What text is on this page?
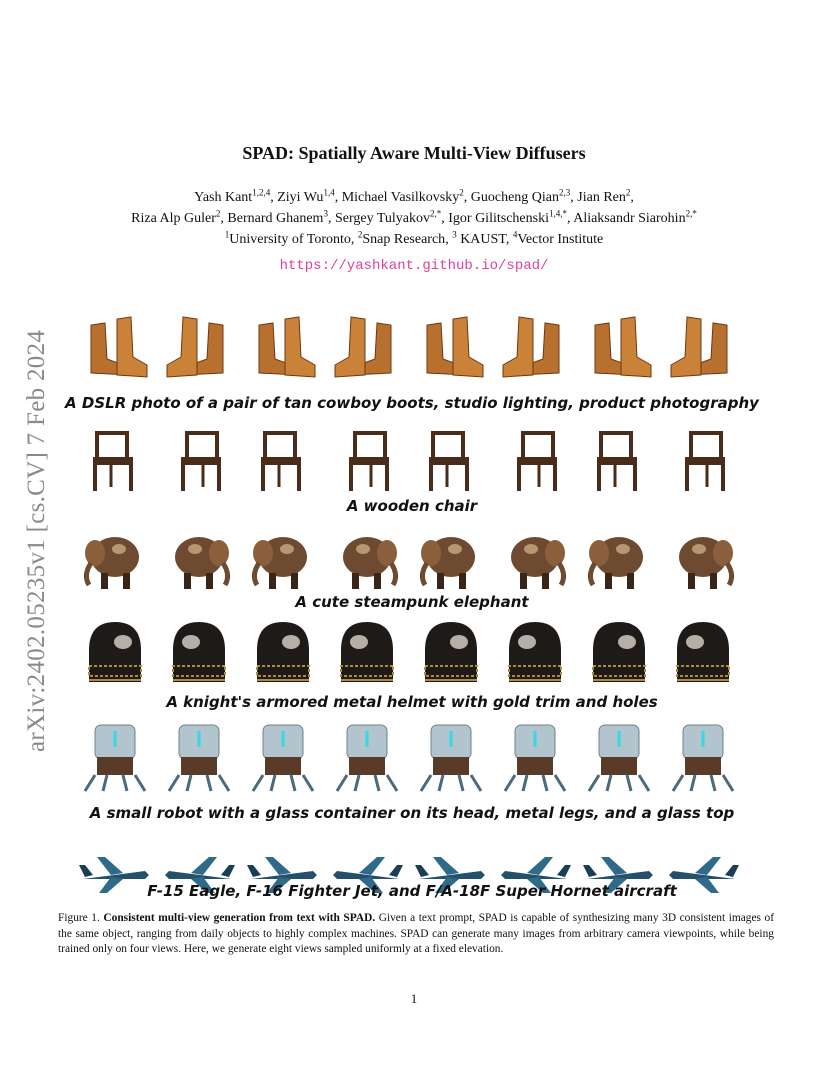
arXiv:2402.05235v1 [cs.CV] 7 Feb 2024
SPAD: Spatially Aware Multi-View Diffusers
Yash Kant$^{1,2,4}$, Ziyi Wu$^{1,4}$, Michael Vasilkovsky$^2$, Guocheng Qian$^{2,3}$, Jian Ren$^2$,
Riza Alp Guler$^2$, Bernard Ghanem$^3$, Sergey Tulyakov$^{2,*}$, Igor Gilitschenski$^{1,4,*}$, Aliaksandr Siarohin$^{2,*}$
$^1$University of Toronto, $^2$Snap Research, $^3$ KAUST, $^4$Vector Institute
https://yashkant.github.io/spad/
A DSLR photo of a pair of tan cowboy boots, studio lighting, product photography
A wooden chair
A cute steampunk elephant
A knight's armored metal helmet with gold trim and holes
A small robot with a glass container on its head, metal legs, and a glass top
F-15 Eagle, F-16 Fighter Jet, and F/A-18F Super Hornet aircraft
Figure 1. Consistent multi-view generation from text with SPAD. Given a text prompt, SPAD is capable of synthesizing many 3D consistent images of the same object, ranging from daily objects to highly complex machines. SPAD can generate many images from arbitrary camera viewpoints, while being trained only on four views. Here, we generate eight views sampled uniformly at a fixed elevation.
1
